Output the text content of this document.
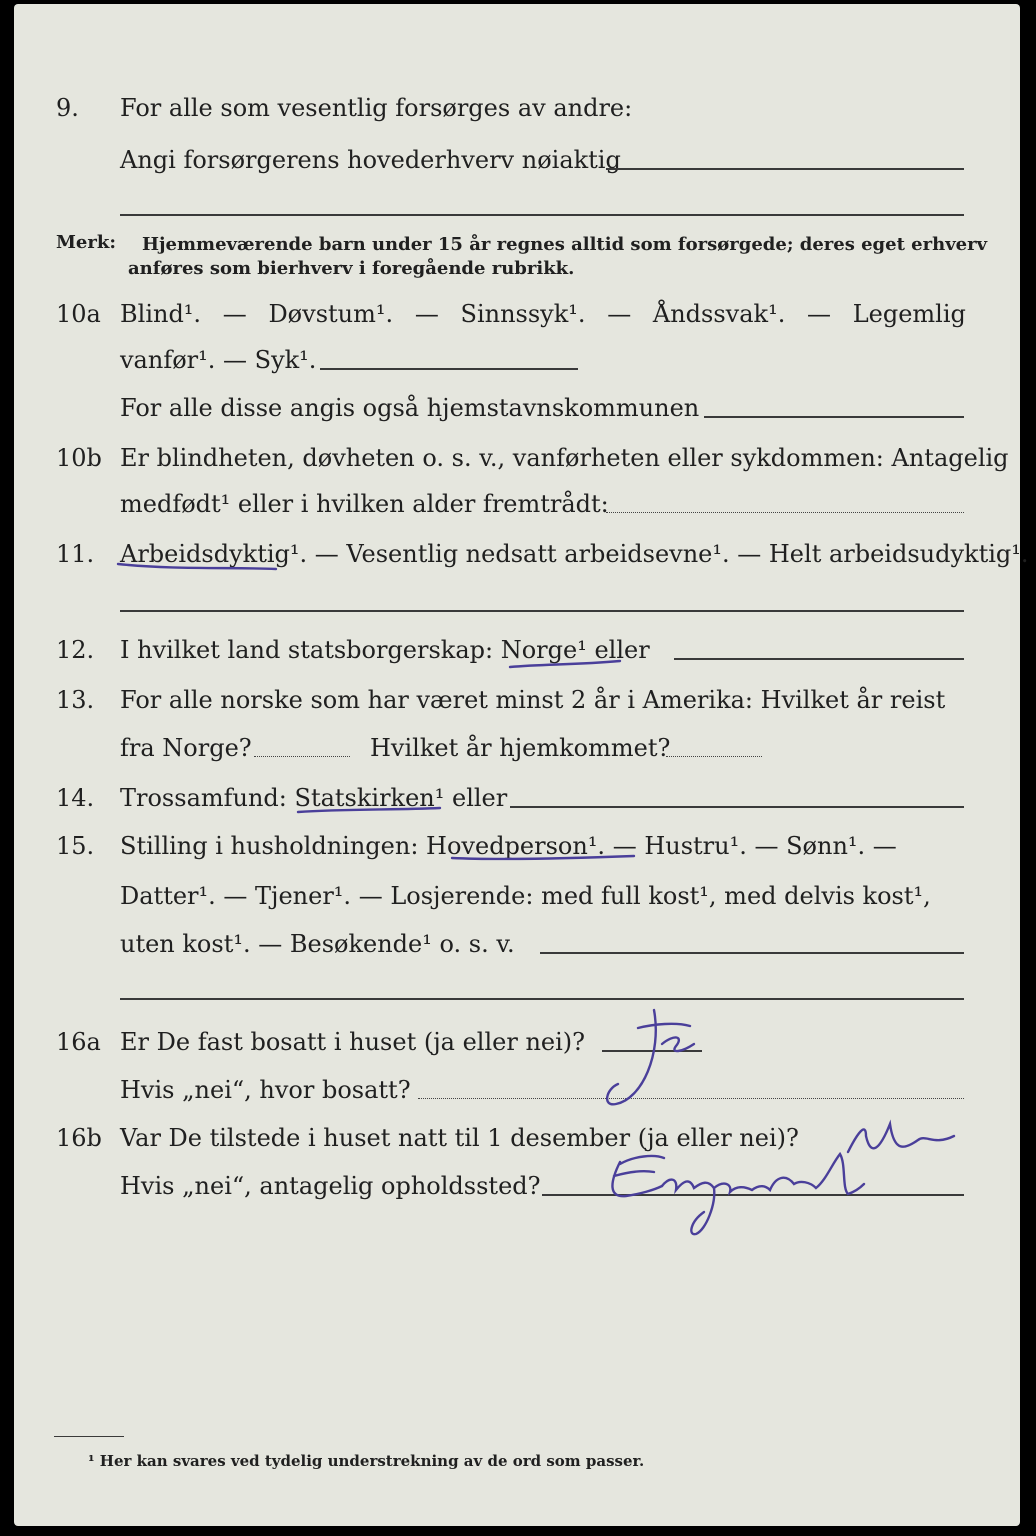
9. For alle som vesentlig forsørges av andre:
Angi forsørgerens hovederhverv nøiaktig
Merk: Hjemmeværende barn under 15 år regnes alltid som forsørgede; deres eget erhverv
anføres som bierhverv i foregående rubrikk.
10a Blind¹. — Døvstum¹. — Sinnssyk¹. — Åndssvak¹. — Legemlig
vanfør¹. — Syk¹.
For alle disse angis også hjemstavnskommunen
10b Er blindheten, døvheten o. s. v., vanførheten eller sykdommen: Antagelig
medfødt¹ eller i hvilken alder fremtrådt:
11. Arbeidsdyktig¹. — Vesentlig nedsatt arbeidsevne¹. — Helt arbeidsudyktig¹.
12. I hvilket land statsborgerskap: Norge¹ eller
13. For alle norske som har været minst 2 år i Amerika: Hvilket år reist
fra Norge?	Hvilket år hjemkommet?
14. Trossamfund: Statskirken¹ eller
15. Stilling i husholdningen: Hovedperson¹. — Hustru¹. — Sønn¹. —
Datter¹. — Tjener¹. — Losjerende: med full kost¹, med delvis kost¹,
uten kost¹. — Besøkende¹ o. s. v.
16a Er De fast bosatt i huset (ja eller nei)?
Hvis „nei“, hvor bosatt?
16b Var De tilstede i huset natt til 1 desember (ja eller nei)?
Hvis „nei“, antagelig opholdssted?
¹ Her kan svares ved tydelig understrekning av de ord som passer.
Ja
Nei
Engudal
